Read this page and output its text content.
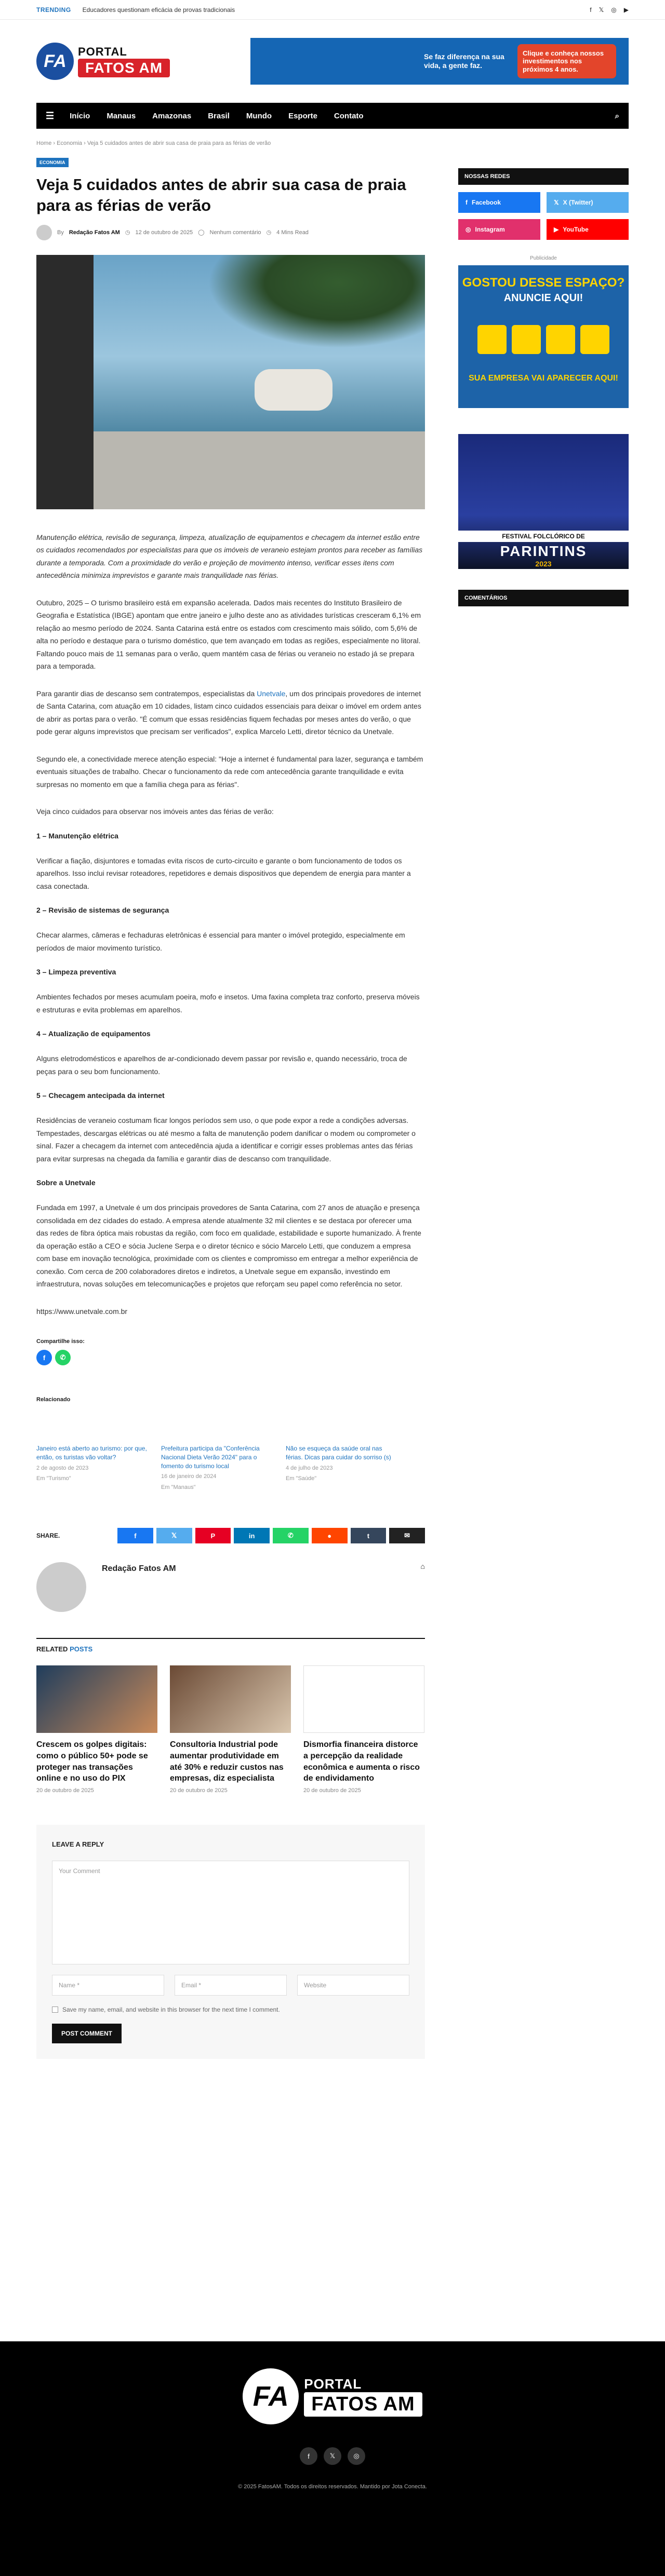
TRENDING Educadores questionam eficácia de provas tradicionais	f 𝕏 ◎ ▶
FA	PORTAL
FATOS AM
Se faz diferença na sua vida, a gente faz.
Clique e conheça nossos investimentos nos próximos 4 anos.
☰ Início Manaus Amazonas Brasil Mundo Esporte Contato	⌕
Home › Economia › Veja 5 cuidados antes de abrir sua casa de praia para as férias de verão
ECONOMIA
Veja 5 cuidados antes de abrir sua casa de praia para as férias de verão
By Redação Fatos AM ◷ 12 de outubro de 2025 ◯ Nenhum comentário ◷ 4 Mins Read

Manutenção elétrica, revisão de segurança, limpeza, atualização de equipamentos e checagem da internet estão entre os cuidados recomendados por especialistas para que os imóveis de veraneio estejam prontos para receber as famílias durante a temporada. Com a proximidade do verão e projeção de movimento intenso, verificar esses itens com antecedência minimiza imprevistos e garante mais tranquilidade nas férias.

Outubro, 2025 – O turismo brasileiro está em expansão acelerada. Dados mais recentes do Instituto Brasileiro de Geografia e Estatística (IBGE) apontam que entre janeiro e julho deste ano as atividades turísticas cresceram 6,1% em relação ao mesmo período de 2024. Santa Catarina está entre os estados com crescimento mais sólido, com 5,6% de alta no período e destaque para o turismo doméstico, que tem avançado em todas as regiões, especialmente no litoral. Faltando pouco mais de 11 semanas para o verão, quem mantém casa de férias ou veraneio no estado já se prepara para a temporada.

Para garantir dias de descanso sem contratempos, especialistas da Unetvale, um dos principais provedores de internet de Santa Catarina, com atuação em 10 cidades, listam cinco cuidados essenciais para deixar o imóvel em ordem antes de abrir as portas para o verão. "É comum que essas residências fiquem fechadas por meses antes do verão, o que pode gerar alguns imprevistos que precisam ser verificados", explica Marcelo Letti, diretor técnico da Unetvale.

Segundo ele, a conectividade merece atenção especial: "Hoje a internet é fundamental para lazer, segurança e também eventuais situações de trabalho. Checar o funcionamento da rede com antecedência garante tranquilidade e evita surpresas no momento em que a família chega para as férias".

Veja cinco cuidados para observar nos imóveis antes das férias de verão:

1 – Manutenção elétrica

Verificar a fiação, disjuntores e tomadas evita riscos de curto-circuito e garante o bom funcionamento de todos os aparelhos. Isso inclui revisar roteadores, repetidores e demais dispositivos que dependem de energia para manter a casa conectada.

2 – Revisão de sistemas de segurança

Checar alarmes, câmeras e fechaduras eletrônicas é essencial para manter o imóvel protegido, especialmente em períodos de maior movimento turístico.

3 – Limpeza preventiva

Ambientes fechados por meses acumulam poeira, mofo e insetos. Uma faxina completa traz conforto, preserva móveis e estruturas e evita problemas em aparelhos.

4 – Atualização de equipamentos

Alguns eletrodomésticos e aparelhos de ar-condicionado devem passar por revisão e, quando necessário, troca de peças para o seu bom funcionamento.

5 – Checagem antecipada da internet

Residências de veraneio costumam ficar longos períodos sem uso, o que pode expor a rede a condições adversas. Tempestades, descargas elétricas ou até mesmo a falta de manutenção podem danificar o modem ou comprometer o sinal. Fazer a checagem da internet com antecedência ajuda a identificar e corrigir esses problemas antes das férias para evitar surpresas na chegada da família e garantir dias de descanso com tranquilidade.

Sobre a Unetvale

Fundada em 1997, a Unetvale é um dos principais provedores de Santa Catarina, com 27 anos de atuação e presença consolidada em dez cidades do estado. A empresa atende atualmente 32 mil clientes e se destaca por oferecer uma das redes de fibra óptica mais robustas da região, com foco em qualidade, estabilidade e suporte humanizado. À frente da operação estão a CEO e sócia Juclene Serpa e o diretor técnico e sócio Marcelo Letti, que conduzem a empresa com base em inovação tecnológica, proximidade com os clientes e compromisso em entregar a melhor experiência de conexão. Com cerca de 200 colaboradores diretos e indiretos, a Unetvale segue em expansão, investindo em infraestrutura, novas soluções em telecomunicações e projetos que reforçam seu papel como referência no setor.

https://www.unetvale.com.br

Compartilhe isso:
f	✆
Relacionado
Janeiro está aberto ao turismo: por que, então, os turistas vão voltar?
2 de agosto de 2023
Em "Turismo"
Prefeitura participa da "Conferência Nacional Dieta Verão 2024" para o fomento do turismo local
16 de janeiro de 2024
Em "Manaus"
Não se esqueça da saúde oral nas férias. Dicas para cuidar do sorriso (s)
4 de julho de 2023
Em "Saúde"
SHARE.	f	𝕏	P	in	✆	●	t	✉
Redação Fatos AM	⌂
RELATED POSTS
Crescem os golpes digitais: como o público 50+ pode se proteger nas transações online e no uso do PIX
20 de outubro de 2025
Consultoria Industrial pode aumentar produtividade em até 30% e reduzir custos nas empresas, diz especialista
20 de outubro de 2025
Dismorfia financeira distorce a percepção da realidade econômica e aumenta o risco de endividamento
20 de outubro de 2025
LEAVE A REPLY
Your Comment
Name *	Email *	Website
Save my name, email, and website in this browser for the next time I comment.
POST COMMENT
NOSSAS REDES
f Facebook	𝕏 X (Twitter)
◎ Instagram	▶ YouTube
Publicidade
GOSTOU DESSE ESPAÇO?
ANUNCIE AQUI!
SUA EMPRESA VAI APARECER AQUI!
FESTIVAL FOLCLÓRICO DE
PARINTINS
2023
COMENTÁRIOS
FA	PORTAL
FATOS AM
f	𝕏	◎
© 2025 FatosAM. Todos os direitos reservados. Mantido por Jota Conecta.
